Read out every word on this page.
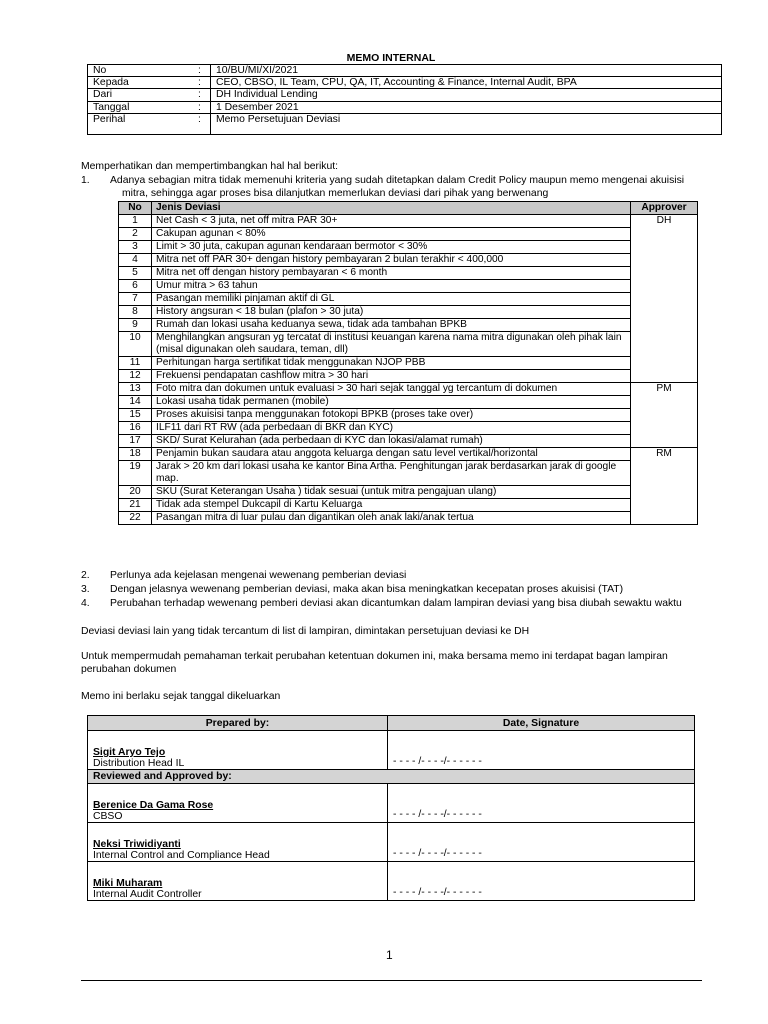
MEMO INTERNAL
No	:	10/BU/MI/XI/2021
Kepada	:	CEO, CBSO, IL Team, CPU, QA, IT, Accounting & Finance, Internal Audit, BPA
Dari	:	DH Individual Lending
Tanggal	:	1 Desember 2021
Perihal	:	Memo Persetujuan Deviasi
Memperhatikan dan mempertimbangkan hal hal berikut:
1. Adanya sebagian mitra tidak memenuhi kriteria yang sudah ditetapkan dalam Credit Policy maupun memo mengenai akuisisi
mitra, sehingga agar proses bisa dilanjutkan memerlukan deviasi dari pihak yang berwenang
No	Jenis Deviasi	Approver
1	Net Cash < 3 juta, net off mitra PAR 30+	DH
2	Cakupan agunan < 80%	
3	Limit > 30 juta, cakupan agunan kendaraan bermotor < 30%	
4	Mitra net off PAR 30+ dengan history pembayaran 2 bulan terakhir < 400,000	
5	Mitra net off dengan history pembayaran < 6 month	
6	Umur mitra > 63 tahun	
7	Pasangan memiliki pinjaman aktif di GL	
8	History angsuran < 18 bulan (plafon > 30 juta)	
9	Rumah dan lokasi usaha keduanya sewa, tidak ada tambahan BPKB	
10	Menghilangkan angsuran yg tercatat di institusi keuangan karena nama mitra digunakan oleh pihak lain (misal digunakan oleh saudara, teman, dll)	
11	Perhitungan harga sertifikat tidak menggunakan NJOP PBB	
12	Frekuensi pendapatan cashflow mitra > 30 hari	
13	Foto mitra dan dokumen untuk evaluasi > 30 hari sejak tanggal yg tercantum di dokumen	PM
14	Lokasi usaha tidak permanen (mobile)	
15	Proses akuisisi tanpa menggunakan fotokopi BPKB (proses take over)	
16	ILF11 dari RT RW (ada perbedaan di BKR dan KYC)	
17	SKD/ Surat Kelurahan (ada perbedaan di KYC dan lokasi/alamat rumah)	
18	Penjamin bukan saudara atau anggota keluarga dengan satu level vertikal/horizontal	RM
19	Jarak > 20 km dari lokasi usaha ke kantor Bina Artha. Penghitungan jarak berdasarkan jarak di google map.	
20	SKU (Surat Keterangan Usaha ) tidak sesuai (untuk mitra pengajuan ulang)	
21	Tidak ada stempel Dukcapil di Kartu Keluarga	
22	Pasangan mitra di luar pulau dan digantikan oleh anak laki/anak tertua	
2. Perlunya ada kejelasan mengenai wewenang pemberian deviasi
3. Dengan jelasnya wewenang pemberian deviasi, maka akan bisa meningkatkan kecepatan proses akuisisi (TAT)
4. Perubahan terhadap wewenang pemberi deviasi akan dicantumkan dalam lampiran deviasi yang bisa diubah sewaktu waktu
Deviasi deviasi lain yang tidak tercantum di list di lampiran, dimintakan persetujuan deviasi ke DH
Untuk mempermudah pemahaman terkait perubahan ketentuan dokumen ini, maka bersama memo ini terdapat bagan lampiran
perubahan dokumen
Memo ini berlaku sejak tanggal dikeluarkan
Prepared by:	Date, Signature

Sigit Aryo Tejo
Distribution Head IL	- - - - /- - - -/- - - - - -
Reviewed and Approved by:	

Berenice Da Gama Rose
CBSO	- - - - /- - - -/- - - - - -

Neksi Triwidiyanti
Internal Control and Compliance Head	- - - - /- - - -/- - - - - -

Miki Muharam
Internal Audit Controller	- - - - /- - - -/- - - - - -
1
